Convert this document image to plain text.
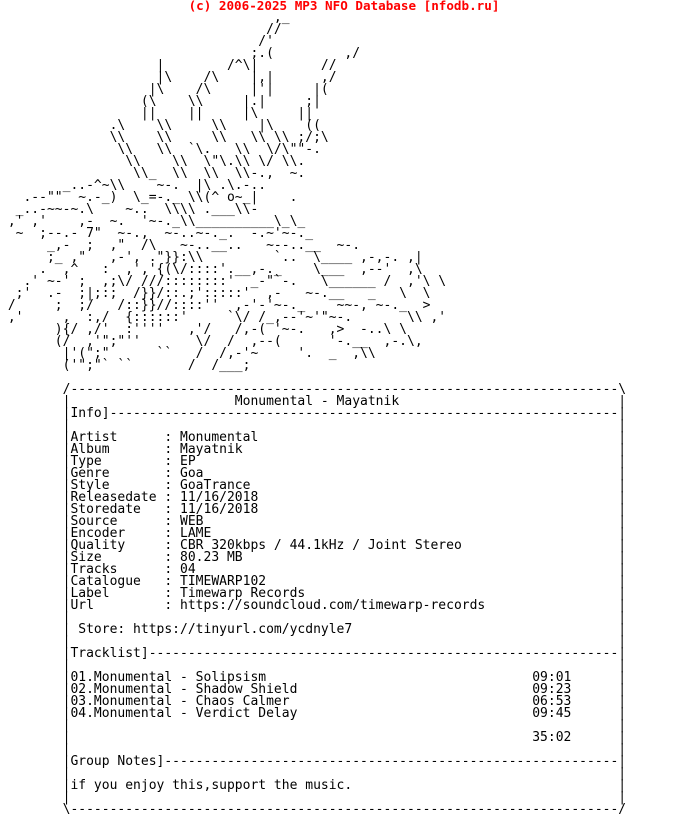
(c) 2006-2025 MP3 NFO Database [nfodb.ru]
,_
//
/'
;.(         ,/
|        /^\|        //
|\    /\    |,|      ,/
|\    /\     |'|     |(
(\    \\     |.|     ;|
||    ||     |\     ||
.\    \\     \\    |\    ((
\\    \\     \\   \\ \\ ;/;\
\\   \\  `\.   \\  \/\""-.
\\    \\  \"\.\\ \/ \\.
\\_  \\  \\  \\-.,  ~.
_..-^~\\    ~-.  |\ .\.-..
.--""  ~.-_)  \_=-._ \\(^ o~_|    .
_..-~~-~.\    ~..  \\\\ .___\\-
,' ,'    ,-  ~.  '~-._\\__________\_\_
~  ;--.- 7"  ~-.,  ~-..~-._.  -.~'~-._
_,-  ;  ,"  /\   ~-..__..   ~--..__  ~-.
;_ ,"   ,-', ."}}:\\         `..  \____ ,-,-. ,|
.  ,^   :  ,','{(\/::::'.__,-._    \___  ,--'  ,\
.' ~-' ;  ,;\/ ///::::::::'  _-"`-.   \______ /  ,'\ \
;'  .-  ;|;:;  /}}/::.;':::::'  ,-   ~-.__   _   \  \
/     ;  ;/   /::}}//::::''  ,-'-'~-._    ~~-, ~-._  >
,'     ,  :,/  {::::::'     `\/ /_,--'~'"~-.       \\ ,'
){/ ,/'  :''''   ,'/   /,-( '~-.   ,>  -..\ \
(/  ,'";"''       \/  /  ,--(      '-.__  ,-.\,
|'(";"      ``   /  /,-'~     '.  _  ,\\
('";"` ``       /  /___;

/----------------------------------------------------------------------\
|                     Monumental - Mayatnik                            |
|Info]-----------------------------------------------------------------|
|                                                                      |
|Artist      : Monumental                                              |
|Album       : Mayatnik                                                |
|Type        : EP                                                      |
|Genre       : Goa                                                     |
|Style       : GoaTrance                                               |
|Releasedate : 11/16/2018                                              |
|Storedate   : 11/16/2018                                              |
|Source      : WEB                                                     |
|Encoder     : LAME                                                    |
|Quality     : CBR 320kbps / 44.1kHz / Joint Stereo                    |
|Size        : 80.23 MB                                                |
|Tracks      : 04                                                      |
|Catalogue   : TIMEWARP102                                             |
|Label       : Timewarp Records                                        |
|Url         : https://soundcloud.com/timewarp-records                 |
|                                                                      |
| Store: https://tinyurl.com/ycdnyle7                                  |
|                                                                      |
|Tracklist]------------------------------------------------------------|
|                                                                      |
|01.Monumental - Solipsism                                  09:01      |
|02.Monumental - Shadow Shield                              09:23      |
|03.Monumental - Chaos Calmer                               06:53      |
|04.Monumental - Verdict Delay                              09:45      |
|                                                                      |
|                                                           35:02      |
|                                                                      |
|Group Notes]----------------------------------------------------------|
|                                                                      |
|if you enjoy this,support the music.                                  |
|                                                                      |
\----------------------------------------------------------------------/
